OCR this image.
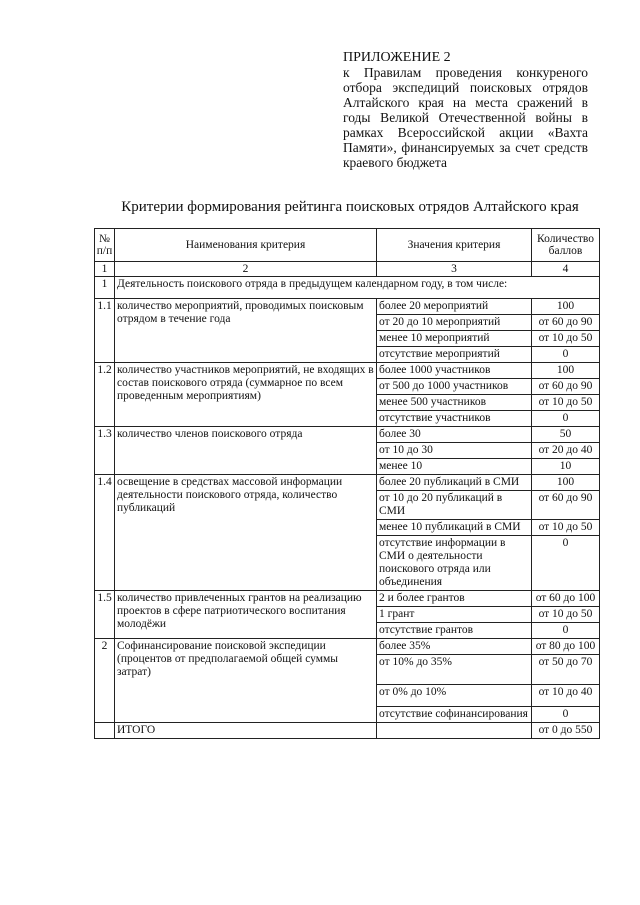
ПРИЛОЖЕНИЕ 2
к Правилам проведения конкуреного отбора экспедиций поисковых отрядов Алтайского края на места сражений в годы Великой Отечественной войны в рамках Всероссийской акции «Вахта Памяти», финансируемых за счет средств краевого бюджета
Критерии формирования рейтинга поисковых отрядов Алтайского края
№ п/п	Наименования критерия	Значения критерия	Количество баллов
1	2	3	4
1	Деятельность поискового отряда в предыдущем календарном году, в том числе:		
1.1	количество мероприятий, проводимых поисковым отрядом в течение года	более 20 мероприятий	100
		от 20 до 10 мероприятий	от 60 до 90
		менее 10 мероприятий	от 10 до 50
		отсутствие мероприятий	0
1.2	количество участников мероприятий, не входящих в состав поискового отряда (суммарное по всем проведенным мероприятиям)	более 1000 участников	100
		от 500 до 1000 участников	от 60 до 90
		менее 500 участников	от 10 до 50
		отсутствие участников	0
1.3	количество членов поискового отряда	более 30	50
		от 10 до 30	от 20 до 40
		менее 10	10
1.4	освещение в средствах массовой информации деятельности поискового отряда, количество публикаций	более 20 публикаций в СМИ	100
		от 10 до 20 публикаций в СМИ	от 60 до 90
		менее 10 публикаций в СМИ	от 10 до 50
		отсутствие информации в СМИ о деятельности поискового отряда или объединения	0
1.5	количество привлеченных грантов на реализацию проектов в сфере патриотического воспитания молодёжи	2 и более грантов	от 60 до 100
		1 грант	от 10 до 50
		отсутствие грантов	0
2	Софинансирование поисковой экспедиции (процентов от предполагаемой общей суммы затрат)	более 35%	от 80 до 100
		от 10% до 35%	от 50 до 70
		от 0% до 10%	от 10 до 40
		отсутствие софинансирования	0
	ИТОГО		от 0 до 550
